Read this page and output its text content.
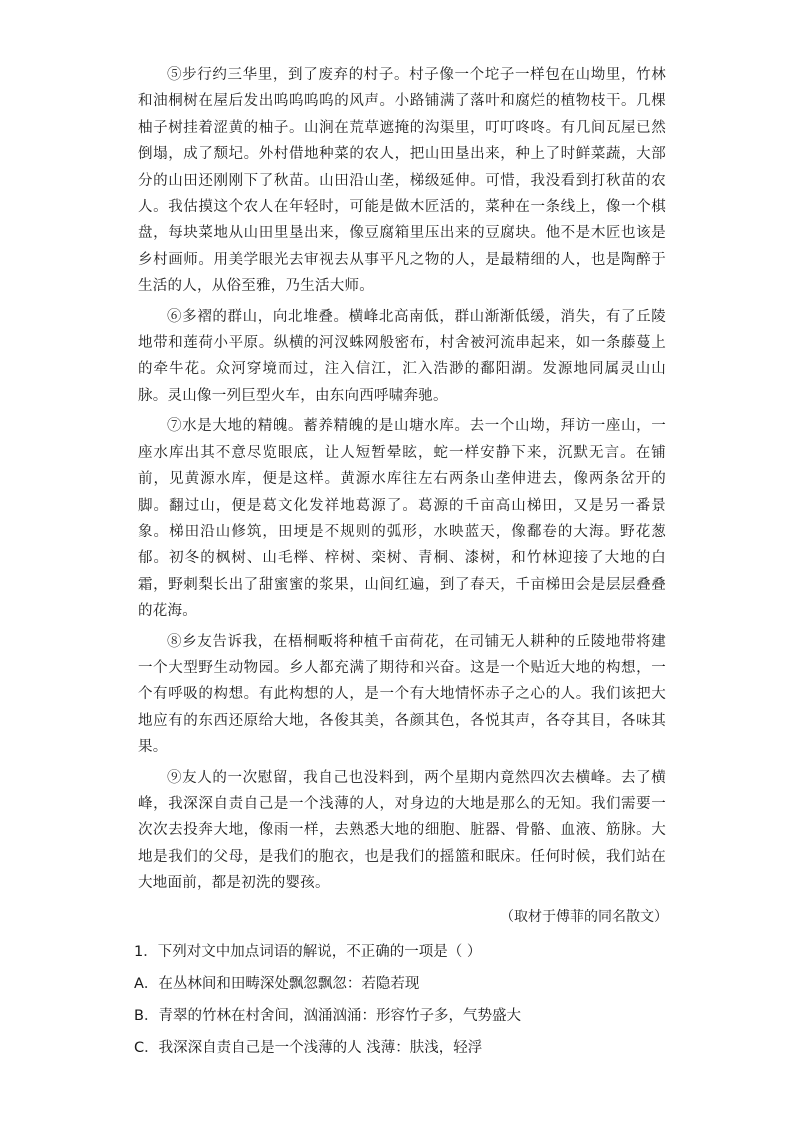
⑤步行约三华里，到了废弃的村子。村子像一个坨子一样包在山坳里，竹林和油桐树在屋后发出呜呜呜呜的风声。小路铺满了落叶和腐烂的植物枝干。几棵柚子树挂着涩黄的柚子。山涧在荒草遮掩的沟渠里，叮叮咚咚。有几间瓦屋已然倒塌，成了颓圮。外村借地种菜的农人，把山田垦出来，种上了时鲜菜蔬，大部分的山田还刚刚下了秋苗。山田沿山垄，梯级延伸。可惜，我没看到打秋苗的农人。我估摸这个农人在年轻时，可能是做木匠活的，菜种在一条线上，像一个棋盘，每块菜地从山田里垦出来，像豆腐箱里压出来的豆腐块。他不是木匠也该是乡村画师。用美学眼光去审视去从事平凡之物的人，是最精细的人，也是陶醉于生活的人，从俗至雅，乃生活大师。

⑥多褶的群山，向北堆叠。横峰北高南低，群山渐渐低缓，消失，有了丘陵地带和莲荷小平原。纵横的河汊蛛网般密布，村舍被河流串起来，如一条藤蔓上的牵牛花。众河穿境而过，注入信江，汇入浩渺的鄱阳湖。发源地同属灵山山脉。灵山像一列巨型火车，由东向西呼啸奔驰。

⑦水是大地的精魄。蓄养精魄的是山塘水库。去一个山坳，拜访一座山，一座水库出其不意尽览眼底，让人短暂晕眩，蛇一样安静下来，沉默无言。在铺前，见黄源水库，便是这样。黄源水库往左右两条山垄伸进去，像两条岔开的脚。翻过山，便是葛文化发祥地葛源了。葛源的千亩高山梯田，又是另一番景象。梯田沿山修筑，田埂是不规则的弧形，水映蓝天，像鄱卷的大海。野花葱郁。初冬的枫树、山毛榉、梓树、栾树、青桐、漆树，和竹林迎接了大地的白霜，野刺梨长出了甜蜜蜜的浆果，山间红遍，到了春天，千亩梯田会是层层叠叠的花海。

⑧乡友告诉我，在梧桐畈将种植千亩荷花，在司铺无人耕种的丘陵地带将建一个大型野生动物园。乡人都充满了期待和兴奋。这是一个贴近大地的构想，一个有呼吸的构想。有此构想的人，是一个有大地情怀赤子之心的人。我们该把大地应有的东西还原给大地，各俊其美，各颜其色，各悦其声，各夺其目，各味其果。

⑨友人的一次慰留，我自己也没料到，两个星期内竟然四次去横峰。去了横峰，我深深自责自己是一个浅薄的人，对身边的大地是那么的无知。我们需要一次次去投奔大地，像雨一样，去熟悉大地的细胞、脏器、骨骼、血液、筋脉。大地是我们的父母，是我们的胞衣，也是我们的摇篮和眠床。任何时候，我们站在大地面前，都是初洗的婴孩。

（取材于傅菲的同名散文）
1．下列对文中加点词语的解说，不正确的一项是（ ）
A．在丛林间和田畴深处飘忽飘忽：若隐若现
B．青翠的竹林在村舍间，汹涌汹涌：形容竹子多，气势盛大
C．我深深自责自己是一个浅薄的人 浅薄：肤浅，轻浮
